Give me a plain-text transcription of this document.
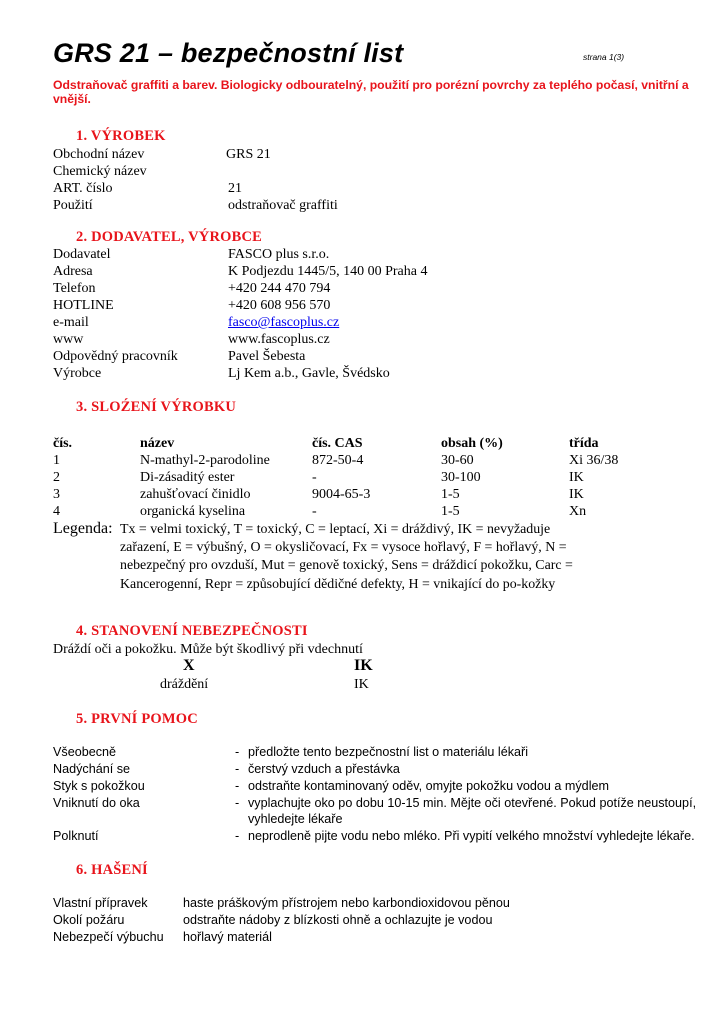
GRS 21 – bezpečnostní list	strana 1(3)
Odstraňovač graffiti a barev. Biologicky odbouratelný, použití pro porézní povrchy za teplého počasí, vnitřní a vnější.
1. VÝROBEK
Obchodní název	GRS 21
Chemický název
ART. číslo	21
Použití	odstraňovač graffiti
2. DODAVATEL, VÝROBCE
Dodavatel	FASCO plus s.r.o.
Adresa	K Podjezdu 1445/5, 140 00 Praha 4
Telefon	+420 244 470 794
HOTLINE	+420 608 956 570
e-mail	fasco@fascoplus.cz
www	www.fascoplus.cz
Odpovědný pracovník	Pavel Šebesta
Výrobce	Lj Kem a.b., Gavle, Švédsko
3. SLOŹENÍ VÝROBKU
čís.	název	čís. CAS	obsah (%)	třída
1	N-mathyl-2-parodoline	872-50-4	30-60	Xi 36/38
2	Di-zásaditý ester	-	30-100	IK
3	zahušťovací činidlo	9004-65-3	1-5	IK
4	organická kyselina	-	1-5	Xn
Legenda: Tx = velmi toxický, T = toxický, C = leptací, Xi = dráždivý, IK = nevyžaduje zařazení, E = výbušný, O = okysličovací, Fx = vysoce hořlavý, F = hořlavý, N = nebezpečný pro ovzduší, Mut = genově toxický, Sens = dráždicí pokožku, Carc = Kancerogenní, Repr = způsobující dědičné defekty, H = vnikající do po-kožky
4. STANOVENÍ NEBEZPEČNOSTI
Dráždí oči a pokožku. Může být škodlivý při vdechnutí
X	IK
dráždění	IK
5. PRVNÍ POMOC
Všeobecně	- předložte tento bezpečnostní list o materiálu lékaři
Nadýchání se	- čerstvý vzduch a přestávka
Styk s pokožkou	- odstraňte kontaminovaný oděv, omyjte pokožku vodou a mýdlem
Vniknutí do oka	- vyplachujte oko po dobu 10-15 min. Mějte oči otevřené. Pokud potíže neustoupí, vyhledejte lékaře
Polknutí	- neprodleně pijte vodu nebo mléko. Při vypití velkého množství vyhledejte lékaře.
6. HAŠENÍ
Vlastní přípravek	haste práškovým přístrojem nebo karbondioxidovou pěnou
Okolí požáru	odstraňte nádoby z blízkosti ohně a ochlazujte je vodou
Nebezpečí výbuchu hořlavý materiál
